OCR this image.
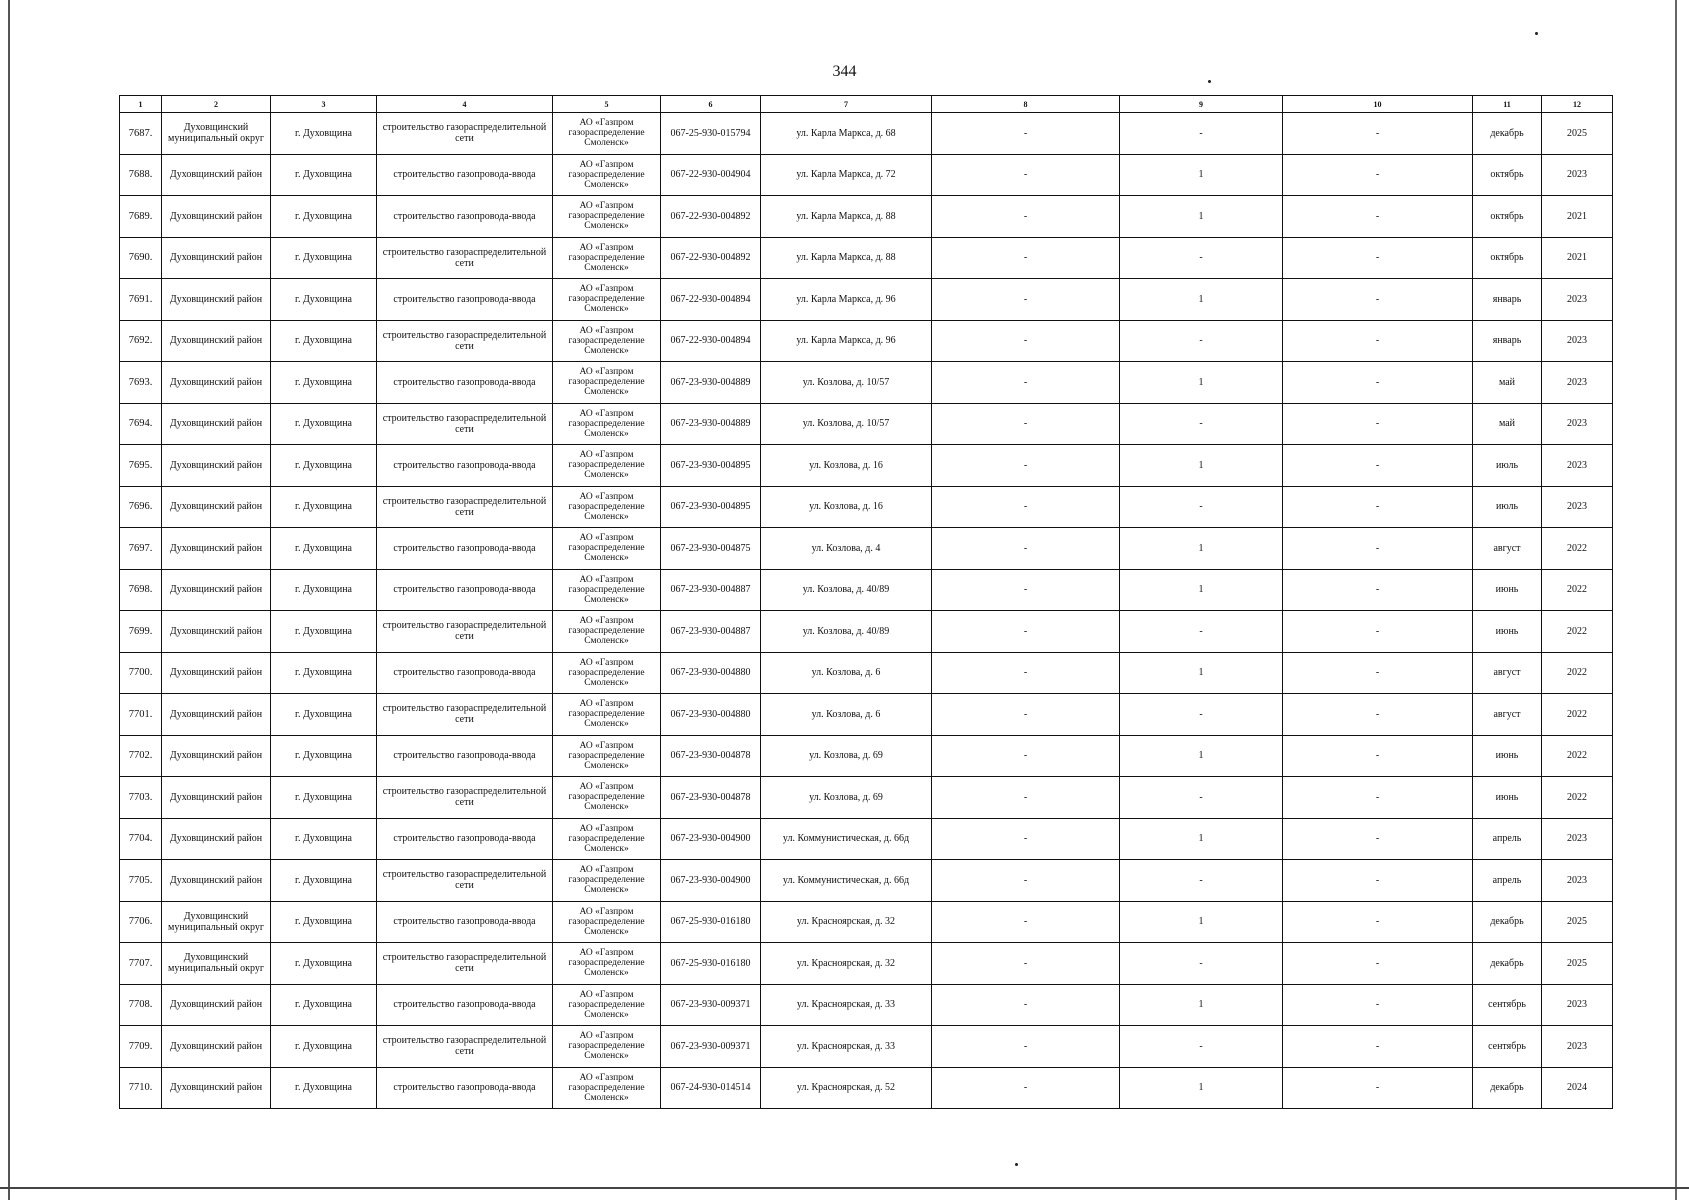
344
1	2	3	4	5	6	7	8	9	10	11	12
7687.	Духовщинский муниципальный округ	г. Духовщина	строительство газораспределительной сети	АО «Газпром газораспределение Смоленск»	067-25-930-015794	ул. Карла Маркса, д. 68	-	-	-	декабрь	2025
7688.	Духовщинский район	г. Духовщина	строительство газопровода-ввода	АО «Газпром газораспределение Смоленск»	067-22-930-004904	ул. Карла Маркса, д. 72	-	1	-	октябрь	2023
7689.	Духовщинский район	г. Духовщина	строительство газопровода-ввода	АО «Газпром газораспределение Смоленск»	067-22-930-004892	ул. Карла Маркса, д. 88	-	1	-	октябрь	2021
7690.	Духовщинский район	г. Духовщина	строительство газораспределительной сети	АО «Газпром газораспределение Смоленск»	067-22-930-004892	ул. Карла Маркса, д. 88	-	-	-	октябрь	2021
7691.	Духовщинский район	г. Духовщина	строительство газопровода-ввода	АО «Газпром газораспределение Смоленск»	067-22-930-004894	ул. Карла Маркса, д. 96	-	1	-	январь	2023
7692.	Духовщинский район	г. Духовщина	строительство газораспределительной сети	АО «Газпром газораспределение Смоленск»	067-22-930-004894	ул. Карла Маркса, д. 96	-	-	-	январь	2023
7693.	Духовщинский район	г. Духовщина	строительство газопровода-ввода	АО «Газпром газораспределение Смоленск»	067-23-930-004889	ул. Козлова, д. 10/57	-	1	-	май	2023
7694.	Духовщинский район	г. Духовщина	строительство газораспределительной сети	АО «Газпром газораспределение Смоленск»	067-23-930-004889	ул. Козлова, д. 10/57	-	-	-	май	2023
7695.	Духовщинский район	г. Духовщина	строительство газопровода-ввода	АО «Газпром газораспределение Смоленск»	067-23-930-004895	ул. Козлова, д. 16	-	1	-	июль	2023
7696.	Духовщинский район	г. Духовщина	строительство газораспределительной сети	АО «Газпром газораспределение Смоленск»	067-23-930-004895	ул. Козлова, д. 16	-	-	-	июль	2023
7697.	Духовщинский район	г. Духовщина	строительство газопровода-ввода	АО «Газпром газораспределение Смоленск»	067-23-930-004875	ул. Козлова, д. 4	-	1	-	август	2022
7698.	Духовщинский район	г. Духовщина	строительство газопровода-ввода	АО «Газпром газораспределение Смоленск»	067-23-930-004887	ул. Козлова, д. 40/89	-	1	-	июнь	2022
7699.	Духовщинский район	г. Духовщина	строительство газораспределительной сети	АО «Газпром газораспределение Смоленск»	067-23-930-004887	ул. Козлова, д. 40/89	-	-	-	июнь	2022
7700.	Духовщинский район	г. Духовщина	строительство газопровода-ввода	АО «Газпром газораспределение Смоленск»	067-23-930-004880	ул. Козлова, д. 6	-	1	-	август	2022
7701.	Духовщинский район	г. Духовщина	строительство газораспределительной сети	АО «Газпром газораспределение Смоленск»	067-23-930-004880	ул. Козлова, д. 6	-	-	-	август	2022
7702.	Духовщинский район	г. Духовщина	строительство газопровода-ввода	АО «Газпром газораспределение Смоленск»	067-23-930-004878	ул. Козлова, д. 69	-	1	-	июнь	2022
7703.	Духовщинский район	г. Духовщина	строительство газораспределительной сети	АО «Газпром газораспределение Смоленск»	067-23-930-004878	ул. Козлова, д. 69	-	-	-	июнь	2022
7704.	Духовщинский район	г. Духовщина	строительство газопровода-ввода	АО «Газпром газораспределение Смоленск»	067-23-930-004900	ул. Коммунистическая, д. 66д	-	1	-	апрель	2023
7705.	Духовщинский район	г. Духовщина	строительство газораспределительной сети	АО «Газпром газораспределение Смоленск»	067-23-930-004900	ул. Коммунистическая, д. 66д	-	-	-	апрель	2023
7706.	Духовщинский муниципальный округ	г. Духовщина	строительство газопровода-ввода	АО «Газпром газораспределение Смоленск»	067-25-930-016180	ул. Красноярская, д. 32	-	1	-	декабрь	2025
7707.	Духовщинский муниципальный округ	г. Духовщина	строительство газораспределительной сети	АО «Газпром газораспределение Смоленск»	067-25-930-016180	ул. Красноярская, д. 32	-	-	-	декабрь	2025
7708.	Духовщинский район	г. Духовщина	строительство газопровода-ввода	АО «Газпром газораспределение Смоленск»	067-23-930-009371	ул. Красноярская, д. 33	-	1	-	сентябрь	2023
7709.	Духовщинский район	г. Духовщина	строительство газораспределительной сети	АО «Газпром газораспределение Смоленск»	067-23-930-009371	ул. Красноярская, д. 33	-	-	-	сентябрь	2023
7710.	Духовщинский район	г. Духовщина	строительство газопровода-ввода	АО «Газпром газораспределение Смоленск»	067-24-930-014514	ул. Красноярская, д. 52	-	1	-	декабрь	2024
